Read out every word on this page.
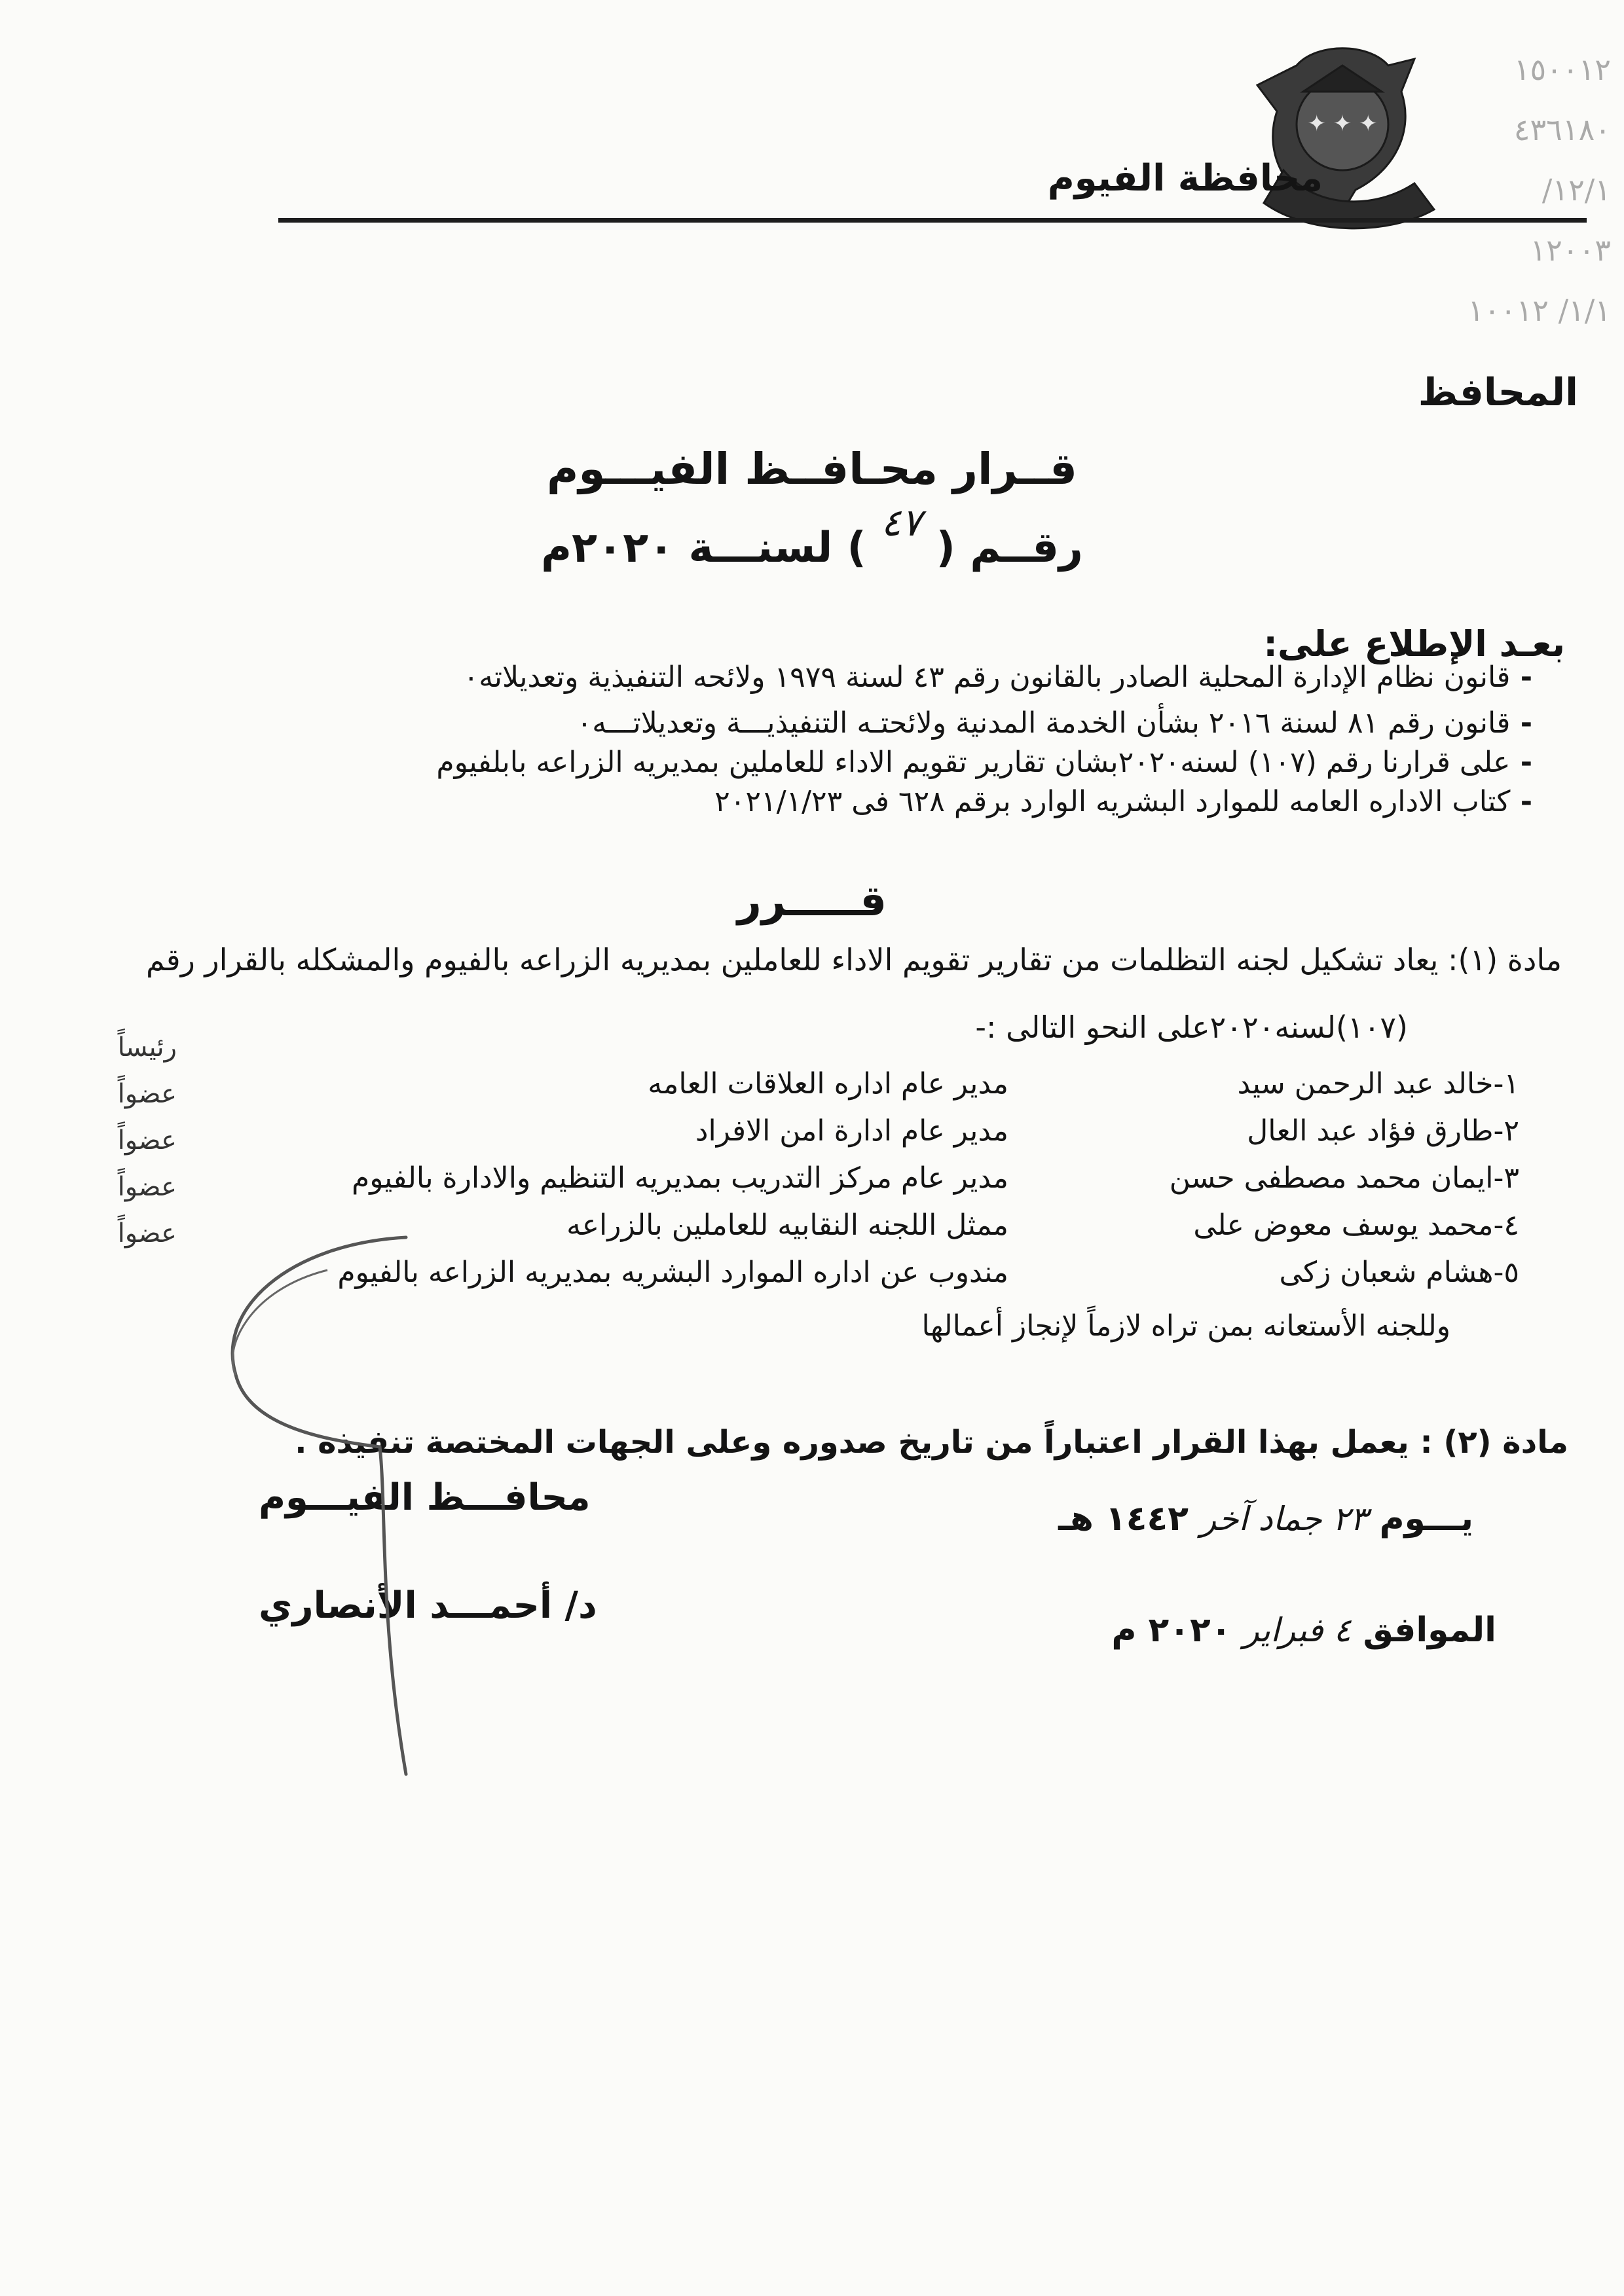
✦ ✦ ✦
محافظة الفيوم
١٥٠٠١٢
٤٣٦١٨٠
١٢/١/
١٢٠٠٣
١/١/ ١٠٠١٢
المحافظ
قــرار محـافــظ الفيـــوم
رقــم ( ٤٧ ) لسنـــة ٢٠٢٠م
بعـد الإطلاع على:
- قانون نظام الإدارة المحلية الصادر بالقانون رقم ٤٣ لسنة ١٩٧٩ ولائحه التنفيذية وتعديلاته٠
- قانون رقم ٨١ لسنة ٢٠١٦ بشأن الخدمة المدنية ولائحتـه التنفيذيـــة وتعديلاتـــه٠
- على قرارنا رقم (١٠٧) لسنه٢٠٢٠بشان تقارير تقويم الاداء للعاملين بمديريه الزراعه بابلفيوم
- كتاب الاداره العامه للموارد البشريه الوارد برقم ٦٢٨ فى ٢٠٢١/١/٢٣
قـــــرر
مادة (١): يعاد تشكيل لجنه التظلمات من تقارير تقويم الاداء للعاملين بمديريه الزراعه بالفيوم والمشكله بالقرار رقم
(١٠٧)لسنه٢٠٢٠على النحو التالى :-
١-خالد عبد الرحمن سيد
مدير عام اداره العلاقات العامه
٢-طارق فؤاد عبد العال
مدير عام ادارة امن الافراد
٣-ايمان محمد مصطفى حسن
مدير عام مركز التدريب بمديريه التنظيم والادارة بالفيوم
٤-محمد يوسف معوض على
ممثل اللجنه النقابيه للعاملين بالزراعه
٥-هشام شعبان زكى
مندوب عن اداره الموارد البشريه بمديريه الزراعه بالفيوم
رئيساً
عضواً
عضواً
عضواً
عضواً
وللجنه الأستعانه بمن تراه لازماً لإنجاز أعمالها
مادة (٢) : يعمل بهذا القرار اعتباراً من تاريخ صدوره وعلى الجهات المختصة تنفيذه .
محافـــظ الفيـــوم
د/ أحمـــد الأنصاري
يـــوم ٢٣ جماد آخر ١٤٤٢ هـ
الموافق ٤ فبراير ٢٠٢٠ م
